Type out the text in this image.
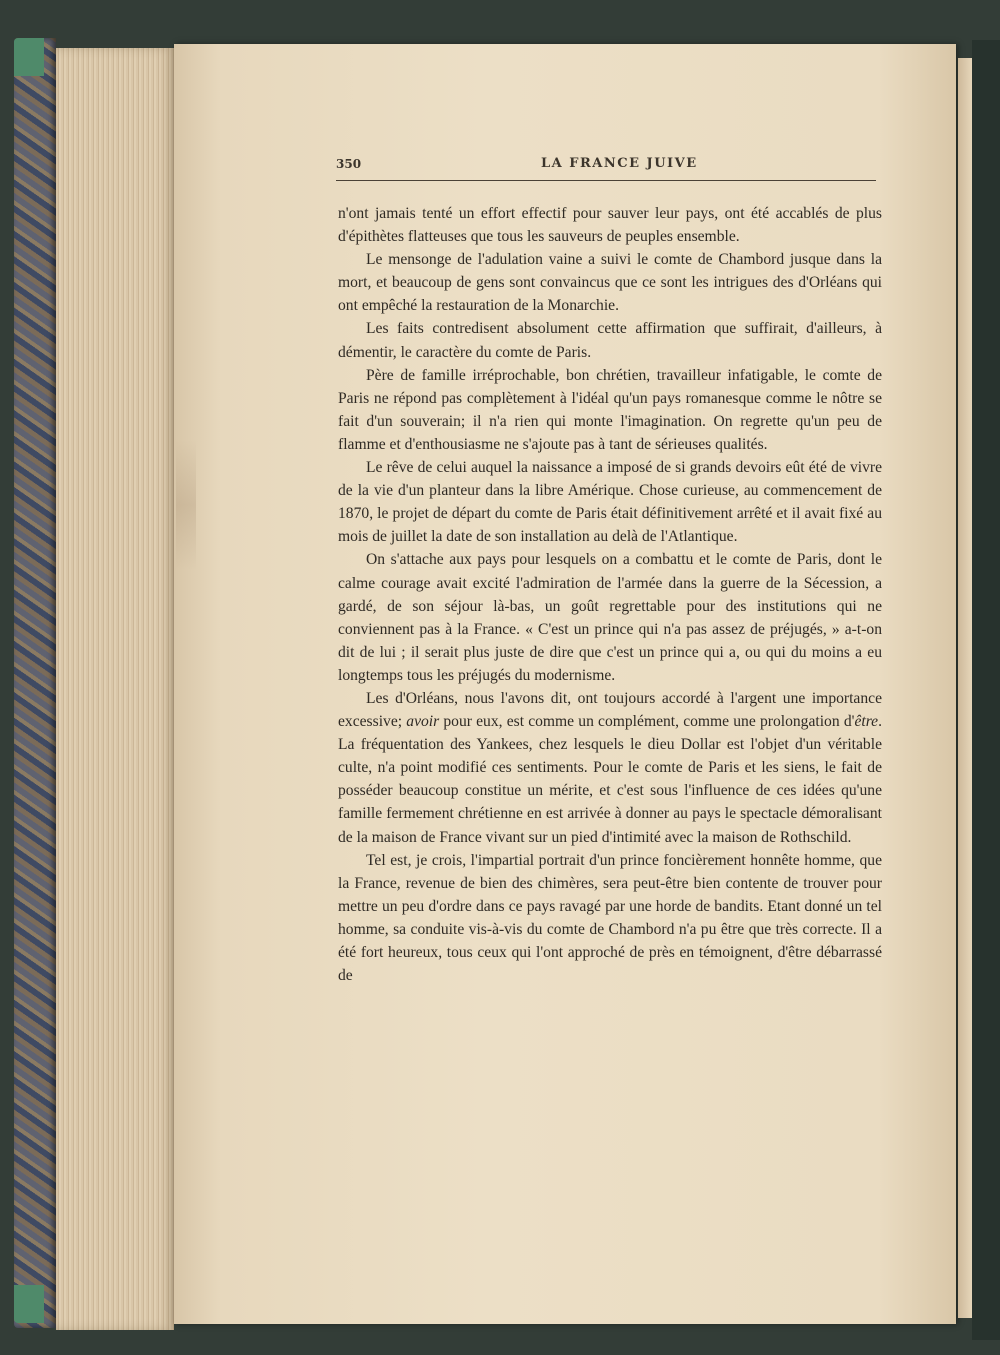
350	LA FRANCE JUIVE

n'ont jamais tenté un effort effectif pour sauver leur pays, ont été accablés de plus d'épithètes flatteuses que tous les sauveurs de peuples ensemble.

Le mensonge de l'adulation vaine a suivi le comte de Chambord jusque dans la mort, et beaucoup de gens sont convaincus que ce sont les intrigues des d'Orléans qui ont empêché la restauration de la Monarchie.

Les faits contredisent absolument cette affirmation que suffirait, d'ailleurs, à démentir, le caractère du comte de Paris.

Père de famille irréprochable, bon chrétien, travailleur infatigable, le comte de Paris ne répond pas complètement à l'idéal qu'un pays romanesque comme le nôtre se fait d'un souverain; il n'a rien qui monte l'imagination. On regrette qu'un peu de flamme et d'enthousiasme ne s'ajoute pas à tant de sérieuses qualités.

Le rêve de celui auquel la naissance a imposé de si grands devoirs eût été de vivre de la vie d'un planteur dans la libre Amérique. Chose curieuse, au commencement de 1870, le projet de départ du comte de Paris était définitivement arrêté et il avait fixé au mois de juillet la date de son installation au delà de l'Atlantique.

On s'attache aux pays pour lesquels on a combattu et le comte de Paris, dont le calme courage avait excité l'admiration de l'armée dans la guerre de la Sécession, a gardé, de son séjour là-bas, un goût regrettable pour des institutions qui ne conviennent pas à la France. « C'est un prince qui n'a pas assez de préjugés, » a-t-on dit de lui ; il serait plus juste de dire que c'est un prince qui a, ou qui du moins a eu longtemps tous les préjugés du modernisme.

Les d'Orléans, nous l'avons dit, ont toujours accordé à l'argent une importance excessive; avoir pour eux, est comme un complément, comme une prolongation d'être. La fréquentation des Yankees, chez lesquels le dieu Dollar est l'objet d'un véritable culte, n'a point modifié ces sentiments. Pour le comte de Paris et les siens, le fait de posséder beaucoup constitue un mérite, et c'est sous l'influence de ces idées qu'une famille fermement chrétienne en est arrivée à donner au pays le spectacle démoralisant de la maison de France vivant sur un pied d'intimité avec la maison de Rothschild.

Tel est, je crois, l'impartial portrait d'un prince foncièrement honnête homme, que la France, revenue de bien des chimères, sera peut-être bien contente de trouver pour mettre un peu d'ordre dans ce pays ravagé par une horde de bandits. Etant donné un tel homme, sa conduite vis-à-vis du comte de Chambord n'a pu être que très correcte. Il a été fort heureux, tous ceux qui l'ont approché de près en témoignent, d'être débarrassé de
